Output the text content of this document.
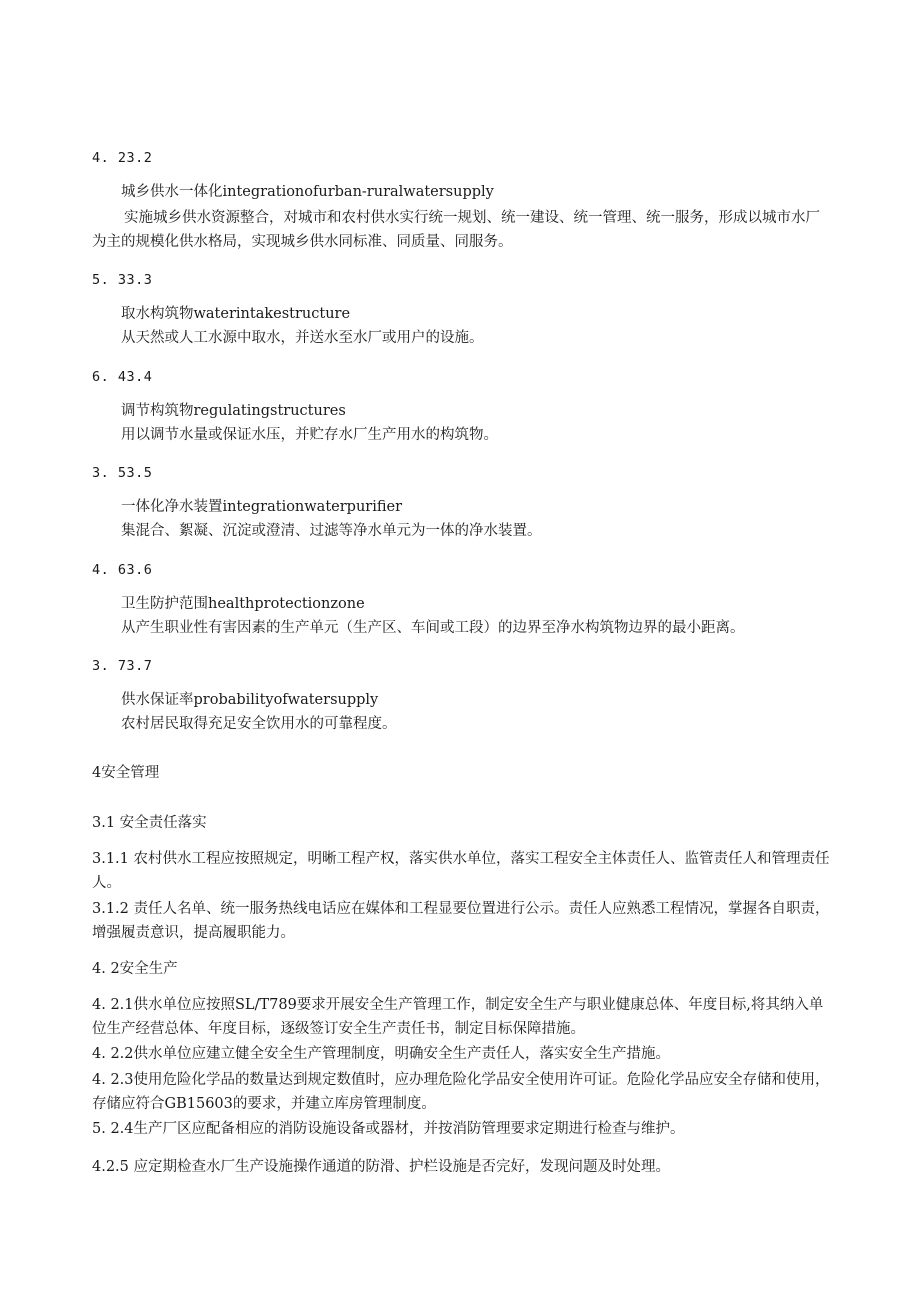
4. 23.2
城乡供水一体化integrationofurban-ruralwatersupply
实施城乡供水资源整合，对城市和农村供水实行统一规划、统一建设、统一管理、统一服务，形成以城市水厂为主的规模化供水格局，实现城乡供水同标准、同质量、同服务。
5. 33.3
取水构筑物waterintakestructure
从天然或人工水源中取水，并送水至水厂或用户的设施。
6. 43.4
调节构筑物regulatingstructures
用以调节水量或保证水压，并贮存水厂生产用水的构筑物。
3. 53.5
一体化净水装置integrationwaterpurifier
集混合、絮凝、沉淀或澄清、过滤等净水单元为一体的净水装置。
4. 63.6
卫生防护范围healthprotectionzone
从产生职业性有害因素的生产单元（生产区、车间或工段）的边界至净水构筑物边界的最小距离。
3. 73.7
供水保证率probabilityofwatersupply
农村居民取得充足安全饮用水的可靠程度。
4安全管理
3.1 安全责任落实
3.1.1 农村供水工程应按照规定，明晰工程产权，落实供水单位，落实工程安全主体责任人、监管责任人和管理责任人。
3.1.2 责任人名单、统一服务热线电话应在媒体和工程显要位置进行公示。责任人应熟悉工程情况，掌握各自职责，增强履责意识，提高履职能力。
4. 2安全生产
4. 2.1供水单位应按照SL/T789要求开展安全生产管理工作，制定安全生产与职业健康总体、年度目标,将其纳入单位生产经营总体、年度目标，逐级签订安全生产责任书，制定目标保障措施。
4. 2.2供水单位应建立健全安全生产管理制度，明确安全生产责任人，落实安全生产措施。
4. 2.3使用危险化学品的数量达到规定数值时，应办理危险化学品安全使用许可证。危险化学品应安全存储和使用，存储应符合GB15603的要求，并建立库房管理制度。
5. 2.4生产厂区应配备相应的消防设施设备或器材，并按消防管理要求定期进行检查与维护。
4.2.5 应定期检查水厂生产设施操作通道的防滑、护栏设施是否完好，发现问题及时处理。
